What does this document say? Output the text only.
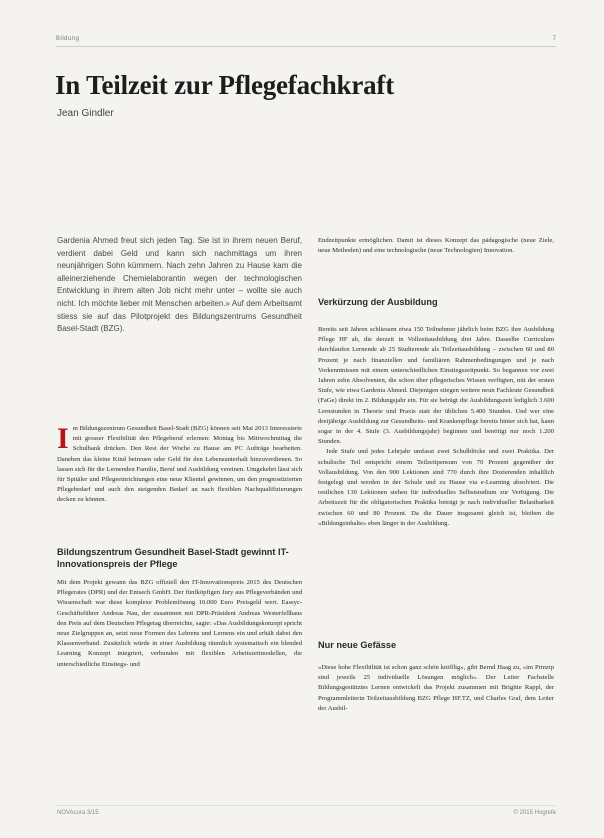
Bildung	7
In Teilzeit zur Pflegefachkraft
Jean Gindler
Gardenia Ahmed freut sich jeden Tag. Sie ist in ihrem neuen Beruf, verdient dabei Geld und kann sich nachmittags um ihren neunjährigen Sohn kümmern. Nach zehn Jahren zu Hause kam die alleinerziehende Chemielaborantin wegen der technologischen Entwicklung in ihrem alten Job nicht mehr unter – wollte sie auch nicht. Ich möchte lieber mit Menschen arbeiten.» Auf dem Arbeitsamt stiess sie auf das Pilotprojekt des Bildungszentrums Gesundheit Basel-Stadt (BZG).
I m Bildungszentrum Gesundheit Basel-Stadt (BZG) können seit Mai 2013 Interessierte mit grosser Flexibilität den Pflegeberuf erlernen: Montag bis Mittwochmittag die Schulbank drücken. Den Rest der Woche zu Hause am PC Aufträge bearbeiten. Daneben das kleine Kind betreuen oder Geld für den Lebensunterhalt hinzuverdienen. So lassen sich für die Lernenden Familie, Beruf und Ausbildung vereinen. Umgekehrt lässt sich für Spitäler und Pflegeeinrichtungen eine neue Klientel gewinnen, um den prognostizierten Pflegebedarf und auch den steigenden Bedarf an nach flexiblen Nachqualifizierungen decken zu können.
Bildungszentrum Gesundheit Basel-Stadt gewinnt IT-Innovationspreis der Pflege

Mit dem Projekt gewann das BZG offiziell den IT-Innovationspreis 2015 des Deutschen Pflegerates (DPR) und der Entsech GmbH. Der fünfköpfigen Jury aus Pflegeverbänden und Wissenschaft war diese komplexe Problemlösung 10.000 Euro Preisgeld wert. Eassyc-Geschäftsführer Andreas Nau, der zusammen mit DPR-Präsident Andreas Westerfellhaus den Preis auf dem Deutschen Pflegetag überreichte, sagte: «Das Ausbildungskonzept spricht neue Zielgruppen an, setzt neue Formen des Lehrens und Lernens ein und erhält dabei den Klassenverband. Zusätzlich würde in einer Ausbildung räumlich systematisch ein blended Learning Konzept integriert, verbunden mit flexiblen Arbeitszeitmodellen, die unterschiedliche Einstiegs- und

Endzeitpunkte ermöglichen. Damit ist dieses Konzept das pädagogische (neue Ziele, neue Methoden) und eine technologische (neue Technologien) Innovation.

Verkürzung der Ausbildung

Bereits seit Jahren schliessen etwa 150 Teilnehmer jährlich beim BZG ihre Ausbildung Pflege HF ab, die derzeit in Vollzeitausbildung drei Jahre. Dasselbe Curriculum durchlaufen Lernende ab 25 Studierende als Teilzeitausbildung – zwischen 60 und 80 Prozent je nach finanziellen und familiären Rahmenbedingungen und je nach Vorkenntnissen mit einem unterschiedlichen Einstiegszeitpunkt. So begannen vor zwei Jahren zehn Absolventen, die schon über pflegerisches Wissen verfügten, mit der ersten Stufe, wie etwa Gardenia Ahmed. Diejenigen stiegen weitere neun Fachleute Gesundheit (FaGe) direkt im 2. Bildungsjahr ein. Für sie beträgt die Ausbildungszeit lediglich 3.600 Lernstunden in Theorie und Praxis statt der üblichen 5.400 Stunden. Und wer eine dreijährige Ausbildung zur Gesundheits- und Krankenpflege bereits hinter sich hat, kann sogar in der 4. Stufe (3. Ausbildungsjahr) beginnen und benötigt nur noch 1.200 Stunden.

Jede Stufe und jedes Lehrjahr umfasst zwei Schulblöcke und zwei Praktika. Der schulische Teil entspricht einem Teilzeitpensum von 70 Prozent gegenüber der Vollausbildung. Von den 900 Lektionen sind 770 durch ihre Dozierenden inhaltlich festgelegt und werden in der Schule und zu Hause via e-Learning absolviert. Die restlichen 130 Lektionen stehen für individuelles Selbststudium zur Verfügung. Die Arbeitszeit für die obligatorischen Praktika beträgt je nach individueller Belastbarkeit zwischen 60 und 80 Prozent. Da die Dauer insgesamt gleich ist, bleiben die «Bildungsinhalte» eben länger in der Ausbildung.

Nur neue Gefässe

«Diese hohe Flexibilität ist schon ganz schön knifflig», gibt Bernd Haag zu, «im Prinzip sind jeweils 25 individuelle Lösungen möglich». Der Leiter Fachstelle Bildungsgestütztes Lernen entwickelt das Projekt zusammen mit Brigitte Rappl, der Programmleiterin Teilzeitausbildung BZG Pflege HF.TZ, und Charles Graf, dem Leiter der Ausbil-

NOVAcura 3/15	© 2015 Hogrefe
